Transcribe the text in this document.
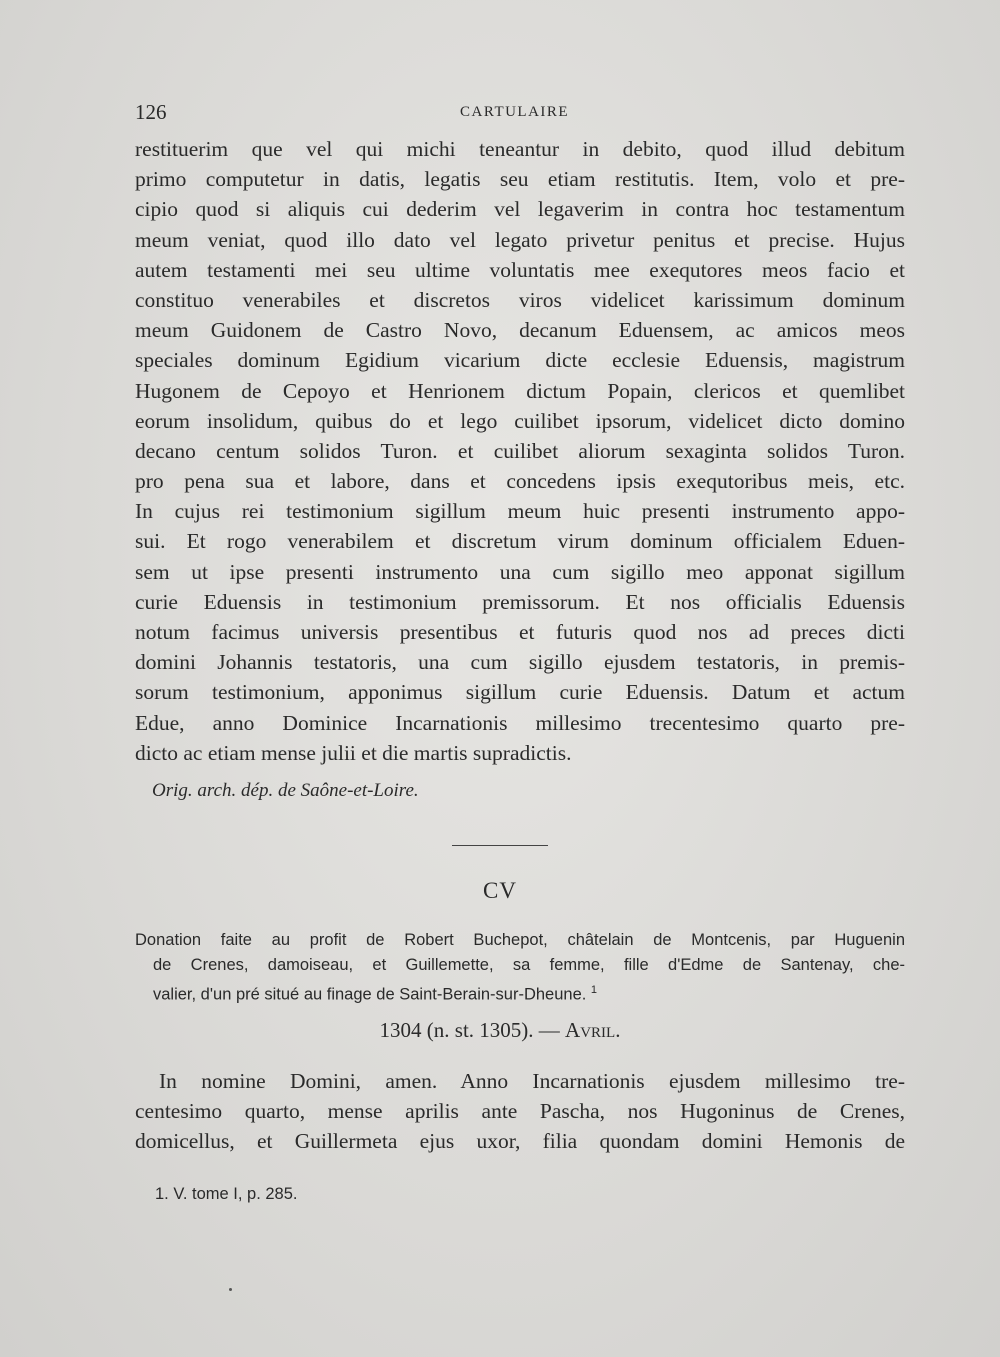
126	CARTULAIRE
restituerim que vel qui michi teneantur in debito, quod illud debitum
primo computetur in datis, legatis seu etiam restitutis. Item, volo et pre-
cipio quod si aliquis cui dederim vel legaverim in contra hoc testamentum
meum veniat, quod illo dato vel legato privetur penitus et precise. Hujus
autem testamenti mei seu ultime voluntatis mee exequtores meos facio et
constituo venerabiles et discretos viros videlicet karissimum dominum
meum Guidonem de Castro Novo, decanum Eduensem, ac amicos meos
speciales dominum Egidium vicarium dicte ecclesie Eduensis, magistrum
Hugonem de Cepoyo et Henrionem dictum Popain, clericos et quemlibet
eorum insolidum, quibus do et lego cuilibet ipsorum, videlicet dicto domino
decano centum solidos Turon. et cuilibet aliorum sexaginta solidos Turon.
pro pena sua et labore, dans et concedens ipsis exequtoribus meis, etc.
In cujus rei testimonium sigillum meum huic presenti instrumento appo-
sui. Et rogo venerabilem et discretum virum dominum officialem Eduen-
sem ut ipse presenti instrumento una cum sigillo meo apponat sigillum
curie Eduensis in testimonium premissorum. Et nos officialis Eduensis
notum facimus universis presentibus et futuris quod nos ad preces dicti
domini Johannis testatoris, una cum sigillo ejusdem testatoris, in premis-
sorum testimonium, apponimus sigillum curie Eduensis. Datum et actum
Edue, anno Dominice Incarnationis millesimo trecentesimo quarto pre-
dicto ac etiam mense julii et die martis supradictis.
Orig. arch. dép. de Saône-et-Loire.
CV
Donation faite au profit de Robert Buchepot, châtelain de Montcenis, par Huguenin
de Crenes, damoiseau, et Guillemette, sa femme, fille d'Edme de Santenay, che-
valier, d'un pré situé au finage de Saint-Berain-sur-Dheune. $^1$
1304 (n. st. 1305). — Avril.
In nomine Domini, amen. Anno Incarnationis ejusdem millesimo tre-
centesimo quarto, mense aprilis ante Pascha, nos Hugoninus de Crenes,
domicellus, et Guillermeta ejus uxor, filia quondam domini Hemonis de
1. V. tome I, p. 285.
